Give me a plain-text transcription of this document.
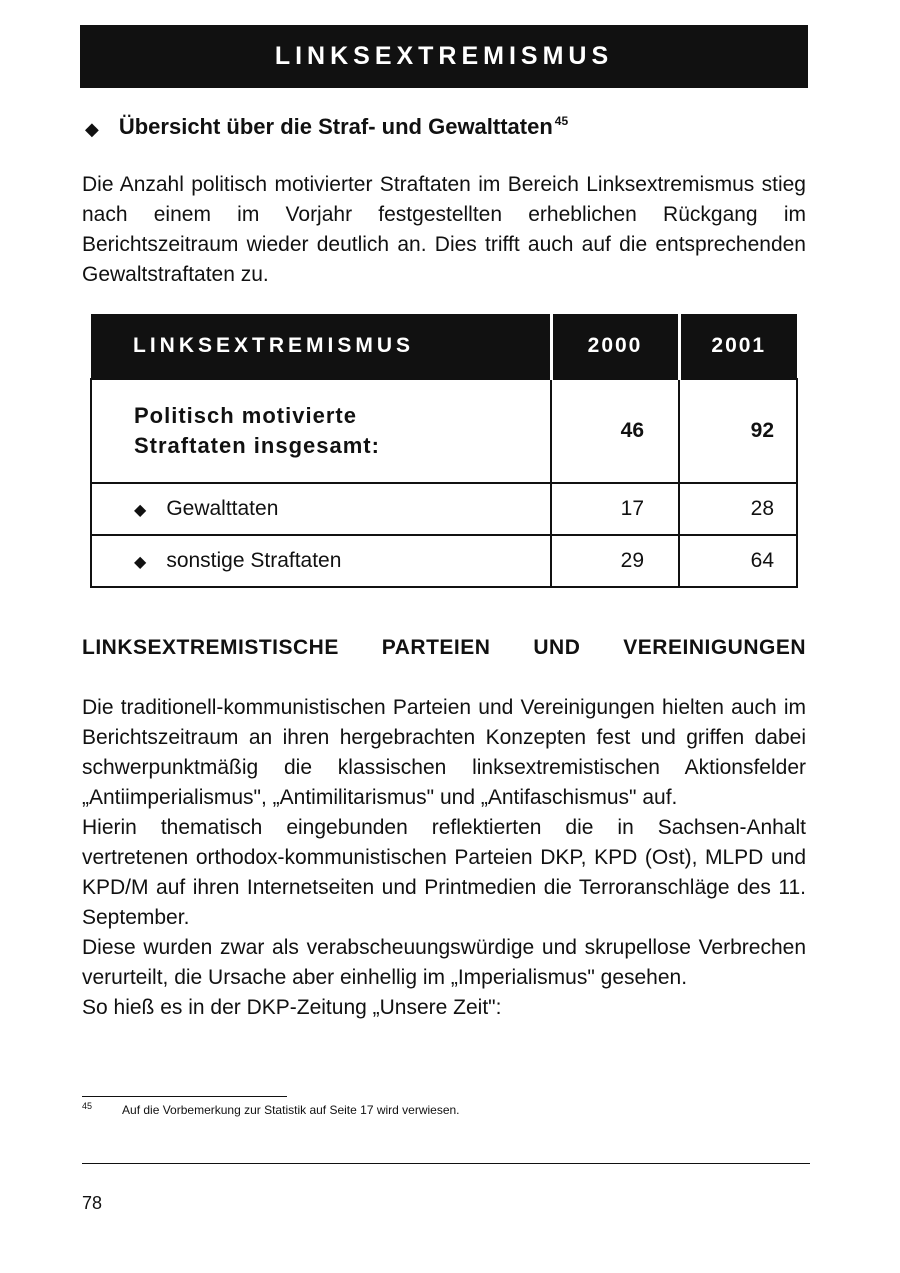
LINKSEXTREMISMUS
◆ Übersicht über die Straf- und Gewalttaten$^{45}$

Die Anzahl politisch motivierter Straftaten im Bereich Linksextremismus stieg nach einem im Vorjahr festgestellten erheblichen Rückgang im Berichtszeitraum wieder deutlich an. Dies trifft auch auf die entsprechenden Gewaltstraftaten zu.

LINKSEXTREMISMUS	2000	2001
Politisch motivierte
Straftaten insgesamt:	46	92
◆ Gewalttaten	17	28
◆ sonstige Straftaten	29	64
LINKSEXTREMISTISCHE PARTEIEN UND VEREINIGUNGEN

Die traditionell-kommunistischen Parteien und Vereinigungen hielten auch im Berichtszeitraum an ihren hergebrachten Konzepten fest und griffen dabei schwerpunktmäßig die klassischen linksextremistischen Aktionsfelder „Antiimperialismus", „Antimilitarismus" und „Antifaschismus" auf.

Hierin thematisch eingebunden reflektierten die in Sachsen-Anhalt vertretenen orthodox-kommunistischen Parteien DKP, KPD (Ost), MLPD und KPD/M auf ihren Internetseiten und Printmedien die Terroranschläge des 11. September.

Diese wurden zwar als verabscheuungswürdige und skrupellose Verbrechen verurteilt, die Ursache aber einhellig im „Imperialismus" gesehen.

So hieß es in der DKP-Zeitung „Unsere Zeit":

45	Auf die Vorbemerkung zur Statistik auf Seite 17 wird verwiesen.
78
